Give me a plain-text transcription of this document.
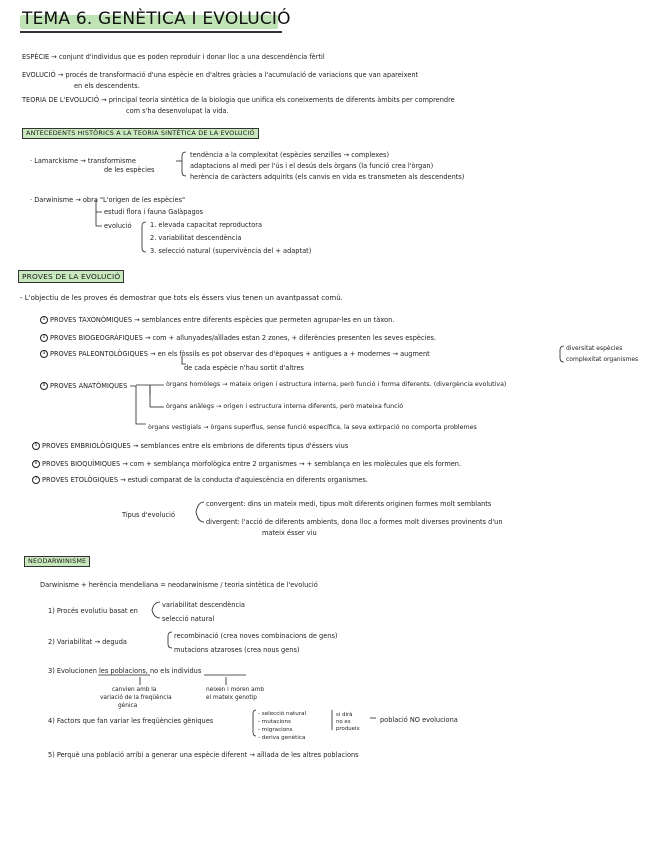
TEMA 6. GENÈTICA I EVOLUCIÓ
ESPÈCIE → conjunt d'individus que es poden reproduir i donar lloc a una descendència fèrtil
EVOLUCIÓ → procés de transformació d'una espècie en d'altres gràcies a l'acumulació de variacions que van apareixent
en els descendents.
TEORIA DE L'EVOLUCIÓ → principal teoria sintètica de la biologia que unifica els coneixements de diferents àmbits per comprendre
com s'ha desenvolupat la vida.
ANTECEDENTS HISTÒRICS A LA TEORIA SINTÈTICA DE LA EVOLUCIÓ
· Lamarckisme → transformisme
de les espècies
tendència a la complexitat (espècies senzilles → complexes)
adaptacions al medi per l'ús i el desús dels òrgans (la funció crea l'òrgan)
herència de caràcters adquirits (els canvis en vida es transmeten als descendents)
· Darwinisme → obra "L'origen de les espècies"
estudi flora i fauna Galàpagos
evolució	1. elevada capacitat reproductora
2. variabilitat descendència
3. selecció natural (supervivència del + adaptat)
PROVES DE LA EVOLUCIÓ
- L'objectiu de les proves és demostrar que tots els éssers vius tenen un avantpassat comú.
1 PROVES TAXONÒMIQUES → semblances entre diferents espècies que permeten agrupar-les en un tàxon.
2 PROVES BIOGEOGRÀFIQUES → com + allunyades/aïllades estan 2 zones, + diferències presenten les seves espècies.
3 PROVES PALEONTOLÒGIQUES → en els fòssils es pot observar des d'èpoques + antigues a + modernes → augment
de cada espècie n'hau sortit d'altres
diversitat espècies
complexitat organismes
4 PROVES ANATÒMIQUES	òrgans homòlegs → mateix origen i estructura interna, però funció i forma diferents. (divergència evolutiva)
òrgans anàlegs → origen i estructura interna diferents, però mateixa funció
òrgans vestigials → òrgans superflus, sense funció específica, la seva extirpació no comporta problemes
5 PROVES EMBRIOLÒGIQUES → semblances entre els embrions de diferents tipus d'éssers vius
6 PROVES BIOQUÍMIQUES → com + semblança morfològica entre 2 organismes → + semblança en les molècules que els formen.
7 PROVES ETOLÒGIQUES → estudi comparat de la conducta d'aquiescència en diferents organismes.
Tipus d'evolució
convergent: dins un mateix medi, tipus molt diferents originen formes molt semblants
divergent: l'acció de diferents ambients, dona lloc a formes molt diverses provinents d'un
mateix ésser viu
NEODARWINISME
Darwinisme + herència mendeliana = neodarwinisme / teoria sintètica de l'evolució
1) Procés evolutiu basat en
variabilitat descendència
selecció natural
2) Variabilitat → deguda
recombinació (crea noves combinacions de gens)
mutacions atzaroses (crea nous gens)
3) Evolucionen les poblacions, no els individus
canvien amb la
variació de la freqüència
gènica
neixen i moren amb
el mateix genotip
4) Factors que fan variar les freqüències gèniques
- selecció natural
- mutacions
- migracions
- deriva genètica
si dirà
no es
produeix
població NO evoluciona
5) Perquè una població arribi a generar una espècie diferent → aïllada de les altres poblacions
